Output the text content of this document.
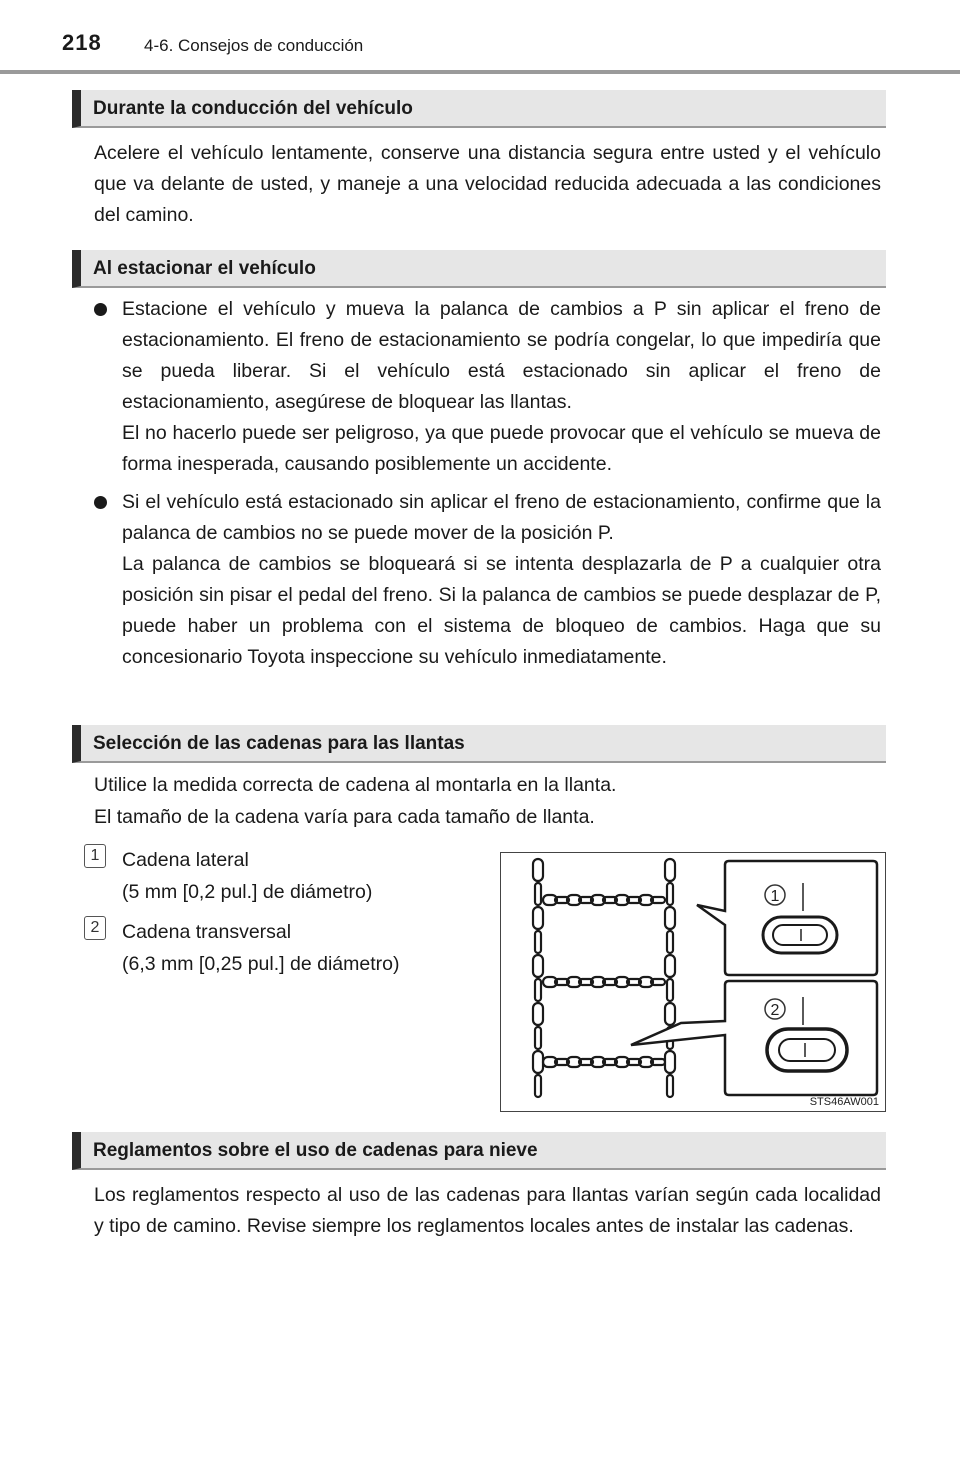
218 4-6. Consejos de conducción
Durante la conducción del vehículo

Acelere el vehículo lentamente, conserve una distancia segura entre usted y el vehículo que va delante de usted, y maneje a una velocidad reducida adecuada a las condiciones del camino.

Al estacionar el vehículo

Estacione el vehículo y mueva la palanca de cambios a P sin aplicar el freno de estacionamiento. El freno de estacionamiento se podría congelar, lo que impediría que se pueda liberar. Si el vehículo está estacionado sin aplicar el freno de estacionamiento, asegúrese de bloquear las llantas.

El no hacerlo puede ser peligroso, ya que puede provocar que el vehículo se mueva de forma inesperada, causando posiblemente un accidente.

Si el vehículo está estacionado sin aplicar el freno de estacionamiento, confirme que la palanca de cambios no se puede mover de la posición P.

La palanca de cambios se bloqueará si se intenta desplazarla de P a cualquier otra posición sin pisar el pedal del freno. Si la palanca de cambios se puede desplazar de P, puede haber un problema con el sistema de bloqueo de cambios. Haga que su concesionario Toyota inspeccione su vehículo inmediatamente.

Selección de las cadenas para las llantas
Utilice la medida correcta de cadena al montarla en la llanta.
El tamaño de la cadena varía para cada tamaño de llanta.
1	Cadena lateral
(5 mm [0,2 pul.] de diámetro)
2	Cadena transversal
(6,3 mm [0,25 pul.] de diámetro)
1
2
STS46AW001
Reglamentos sobre el uso de cadenas para nieve

Los reglamentos respecto al uso de las cadenas para llantas varían según cada localidad y tipo de camino. Revise siempre los reglamentos locales antes de instalar las cadenas.
